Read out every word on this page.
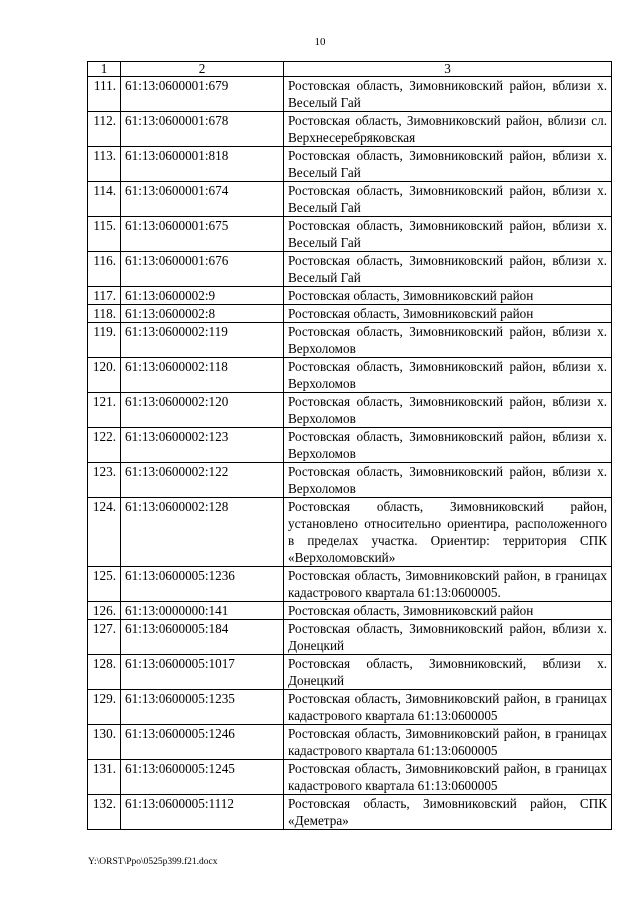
10
1	2	3
111.	61:13:0600001:679	Ростовская область, Зимовниковский район, вблизи х. Веселый Гай
112.	61:13:0600001:678	Ростовская область, Зимовниковский район, вблизи сл. Верхнесеребряковская
113.	61:13:0600001:818	Ростовская область, Зимовниковский район, вблизи х. Веселый Гай
114.	61:13:0600001:674	Ростовская область, Зимовниковский район, вблизи х. Веселый Гай
115.	61:13:0600001:675	Ростовская область, Зимовниковский район, вблизи х. Веселый Гай
116.	61:13:0600001:676	Ростовская область, Зимовниковский район, вблизи х. Веселый Гай
117.	61:13:0600002:9	Ростовская область, Зимовниковский район
118.	61:13:0600002:8	Ростовская область, Зимовниковский район
119.	61:13:0600002:119	Ростовская область, Зимовниковский район, вблизи х. Верхоломов
120.	61:13:0600002:118	Ростовская область, Зимовниковский район, вблизи х. Верхоломов
121.	61:13:0600002:120	Ростовская область, Зимовниковский район, вблизи х. Верхоломов
122.	61:13:0600002:123	Ростовская область, Зимовниковский район, вблизи х. Верхоломов
123.	61:13:0600002:122	Ростовская область, Зимовниковский район, вблизи х. Верхоломов
124.	61:13:0600002:128	Ростовская область, Зимовниковский район, установлено относительно ориентира, расположенного в пределах участка. Ориентир: территория СПК «Верхоломовский»
125.	61:13:0600005:1236	Ростовская область, Зимовниковский район, в границах кадастрового квартала 61:13:0600005.
126.	61:13:0000000:141	Ростовская область, Зимовниковский район
127.	61:13:0600005:184	Ростовская область, Зимовниковский район, вблизи х. Донецкий
128.	61:13:0600005:1017	Ростовская область, Зимовниковский, вблизи х. Донецкий
129.	61:13:0600005:1235	Ростовская область, Зимовниковский район, в границах кадастрового квартала 61:13:0600005
130.	61:13:0600005:1246	Ростовская область, Зимовниковский район, в границах кадастрового квартала 61:13:0600005
131.	61:13:0600005:1245	Ростовская область, Зимовниковский район, в границах кадастрового квартала 61:13:0600005
132.	61:13:0600005:1112	Ростовская область, Зимовниковский район, СПК «Деметра»
Y:\ORST\Ppo\0525p399.f21.docx
